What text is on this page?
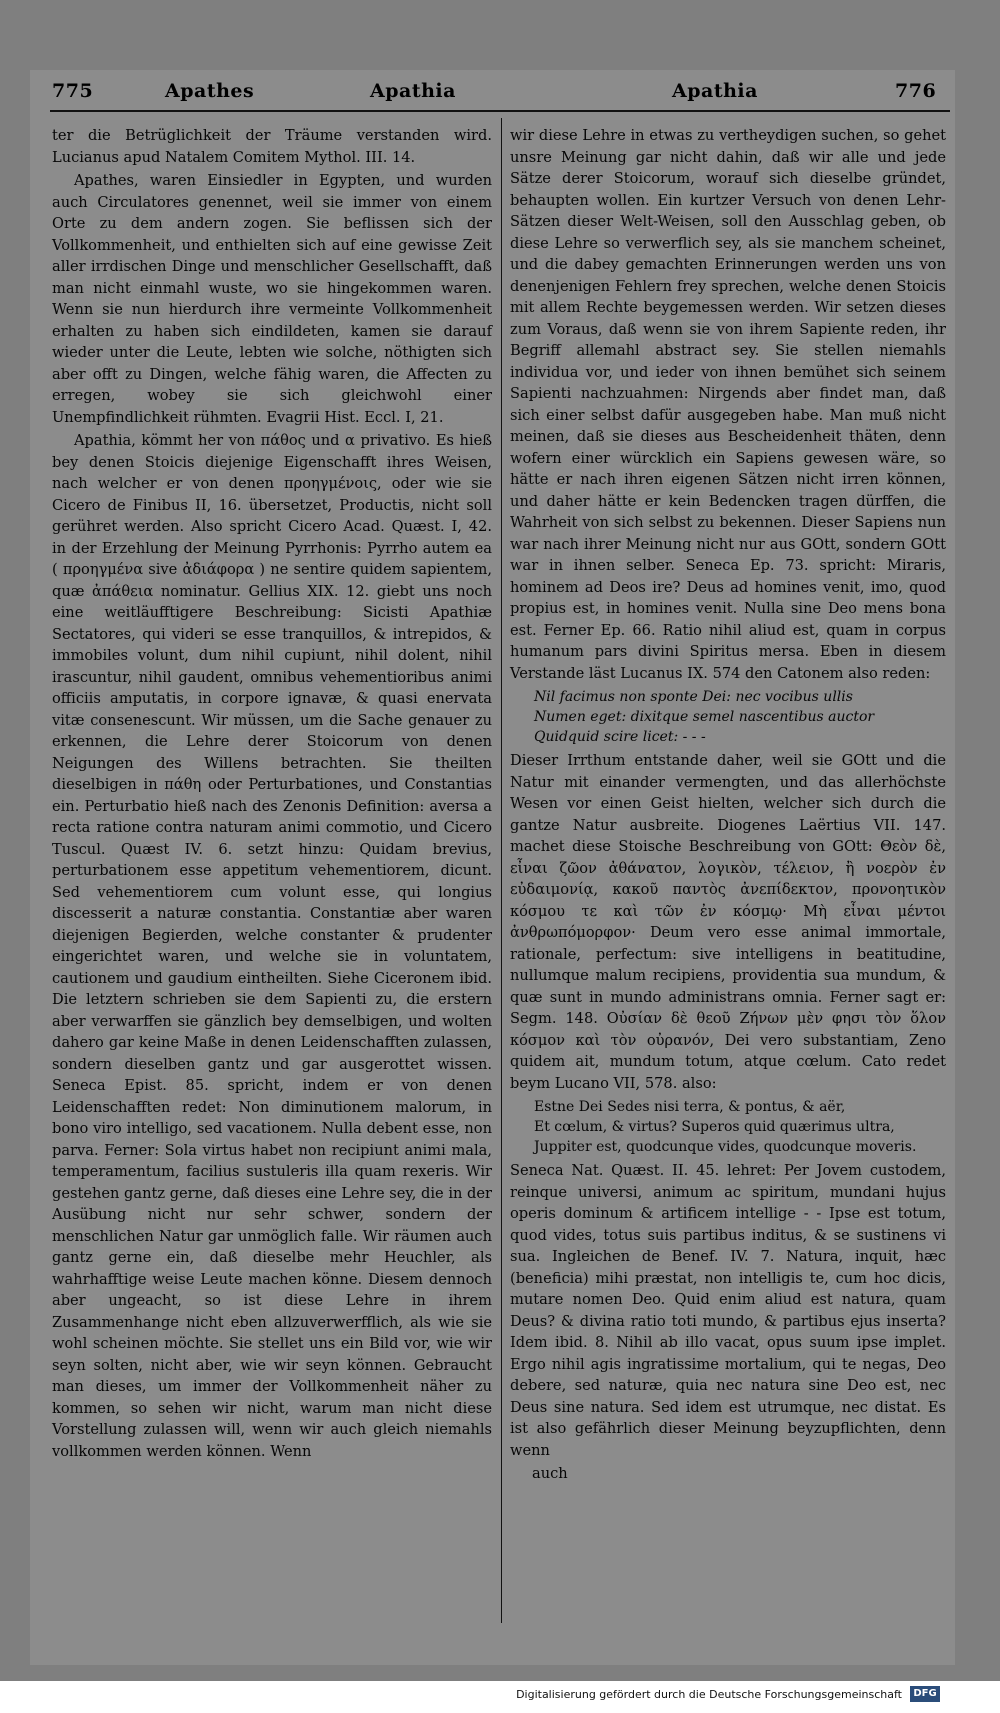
775	Apathes	Apathia	Apathia	776

ter die Betrüglichkeit der Träume verstanden wird. Lucianus apud Natalem Comitem Mythol. III. 14.

Apathes, waren Einsiedler in Egypten, und wurden auch Circulatores genennet, weil sie immer von einem Orte zu dem andern zogen. Sie beflissen sich der Vollkommenheit, und enthielten sich auf eine gewisse Zeit aller irrdischen Dinge und menschlicher Gesellschafft, daß man nicht einmahl wuste, wo sie hingekommen waren. Wenn sie nun hierdurch ihre vermeinte Vollkommenheit erhalten zu haben sich eindildeten, kamen sie darauf wieder unter die Leute, lebten wie solche, nöthigten sich aber offt zu Dingen, welche fähig waren, die Affecten zu erregen, wobey sie sich gleichwohl einer Unempfindlichkeit rühmten. Evagrii Hist. Eccl. I, 21.

Apathia, kömmt her von πάθος und α privativo. Es hieß bey denen Stoicis diejenige Eigenschafft ihres Weisen, nach welcher er von denen προηγμένοις, oder wie sie Cicero de Finibus II, 16. übersetzet, Productis, nicht soll gerühret werden. Also spricht Cicero Acad. Quæst. I, 42. in der Erzehlung der Meinung Pyrrhonis: Pyrrho autem ea ( προηγμένα sive ἀδιάφορα ) ne sentire quidem sapientem, quæ ἀπάθεια nominatur. Gellius XIX. 12. giebt uns noch eine weitläufftigere Beschreibung: Sicisti Apathiæ Sectatores, qui videri se esse tranquillos, & intrepidos, & immobiles volunt, dum nihil cupiunt, nihil dolent, nihil irascuntur, nihil gaudent, omnibus vehementioribus animi officiis amputatis, in corpore ignavæ, & quasi enervata vitæ consenescunt. Wir müssen, um die Sache genauer zu erkennen, die Lehre derer Stoicorum von denen Neigungen des Willens betrachten. Sie theilten dieselbigen in πάθη oder Perturbationes, und Constantias ein. Perturbatio hieß nach des Zenonis Definition: aversa a recta ratione contra naturam animi commotio, und Cicero Tuscul. Quæst IV. 6. setzt hinzu: Quidam brevius, perturbationem esse appetitum vehementiorem, dicunt. Sed vehementiorem cum volunt esse, qui longius discesserit a naturæ constantia. Constantiæ aber waren diejenigen Begierden, welche constanter & prudenter eingerichtet waren, und welche sie in voluntatem, cautionem und gaudium eintheilten. Siehe Ciceronem ibid. Die letztern schrieben sie dem Sapienti zu, die erstern aber verwarffen sie gänzlich bey demselbigen, und wolten dahero gar keine Maße in denen Leidenschafften zulassen, sondern dieselben gantz und gar ausgerottet wissen. Seneca Epist. 85. spricht, indem er von denen Leidenschafften redet: Non diminutionem malorum, in bono viro intelligo, sed vacationem. Nulla debent esse, non parva. Ferner: Sola virtus habet non recipiunt animi mala, temperamentum, facilius sustuleris illa quam rexeris. Wir gestehen gantz gerne, daß dieses eine Lehre sey, die in der Ausübung nicht nur sehr schwer, sondern der menschlichen Natur gar unmöglich falle. Wir räumen auch gantz gerne ein, daß dieselbe mehr Heuchler, als wahrhafftige weise Leute machen könne. Diesem dennoch aber ungeacht, so ist diese Lehre in ihrem Zusammenhange nicht eben allzuverwerfflich, als wie sie wohl scheinen möchte. Sie stellet uns ein Bild vor, wie wir seyn solten, nicht aber, wie wir seyn können. Gebraucht man dieses, um immer der Vollkommenheit näher zu kommen, so sehen wir nicht, warum man nicht diese Vorstellung zulassen will, wenn wir auch gleich niemahls vollkommen werden können. Wenn

wir diese Lehre in etwas zu vertheydigen suchen, so gehet unsre Meinung gar nicht dahin, daß wir alle und jede Sätze derer Stoicorum, worauf sich dieselbe gründet, behaupten wollen. Ein kurtzer Versuch von denen Lehr-Sätzen dieser Welt-Weisen, soll den Ausschlag geben, ob diese Lehre so verwerflich sey, als sie manchem scheinet, und die dabey gemachten Erinnerungen werden uns von denenjenigen Fehlern frey sprechen, welche denen Stoicis mit allem Rechte beygemessen werden. Wir setzen dieses zum Voraus, daß wenn sie von ihrem Sapiente reden, ihr Begriff allemahl abstract sey. Sie stellen niemahls individua vor, und ieder von ihnen bemühet sich seinem Sapienti nachzuahmen: Nirgends aber findet man, daß sich einer selbst dafür ausgegeben habe. Man muß nicht meinen, daß sie dieses aus Bescheidenheit thäten, denn wofern einer würcklich ein Sapiens gewesen wäre, so hätte er nach ihren eigenen Sätzen nicht irren können, und daher hätte er kein Bedencken tragen dürffen, die Wahrheit von sich selbst zu bekennen. Dieser Sapiens nun war nach ihrer Meinung nicht nur aus GOtt, sondern GOtt war in ihnen selber. Seneca Ep. 73. spricht: Miraris, hominem ad Deos ire? Deus ad homines venit, imo, quod propius est, in homines venit. Nulla sine Deo mens bona est. Ferner Ep. 66. Ratio nihil aliud est, quam in corpus humanum pars divini Spiritus mersa. Eben in diesem Verstande läst Lucanus IX. 574 den Catonem also reden:

Nil facimus non sponte Dei: nec vocibus ullis
Numen eget: dixitque semel nascentibus auctor
Quidquid scire licet: - - -

Dieser Irrthum entstande daher, weil sie GOtt und die Natur mit einander vermengten, und das allerhöchste Wesen vor einen Geist hielten, welcher sich durch die gantze Natur ausbreite. Diogenes Laërtius VII. 147. machet diese Stoische Beschreibung von GOtt: Θεὸν δὲ, εἶναι ζῶον ἀθάνατον, λογικὸν, τέλειον, ἢ νοερὸν ἐν εὐδαιμονίᾳ, κακοῦ παντὸς ἀνεπίδεκτον, προνοητικὸν κόσμου τε καὶ τῶν ἐν κόσμῳ· Μὴ εἶναι μέντοι ἀνθρωπόμορφον· Deum vero esse animal immortale, rationale, perfectum: sive intelligens in beatitudine, nullumque malum recipiens, providentia sua mundum, & quæ sunt in mundo administrans omnia. Ferner sagt er: Segm. 148. Οὐσίαν δὲ θεοῦ Ζήνων μὲν φησι τὸν ὅλον κόσμον καὶ τὸν οὐρανόν, Dei vero substantiam, Zeno quidem ait, mundum totum, atque cœlum. Cato redet beym Lucano VII, 578. also:

Estne Dei Sedes nisi terra, & pontus, & aër,
Et cœlum, & virtus? Superos quid quærimus ultra,
Juppiter est, quodcunque vides, quodcunque moveris.

Seneca Nat. Quæst. II. 45. lehret: Per Jovem custodem, reinque universi, animum ac spiritum, mundani hujus operis dominum & artificem intellige - - Ipse est totum, quod vides, totus suis partibus inditus, & se sustinens vi sua. Ingleichen de Benef. IV. 7. Natura, inquit, hæc (beneficia) mihi præstat, non intelligis te, cum hoc dicis, mutare nomen Deo. Quid enim aliud est natura, quam Deus? & divina ratio toti mundo, & partibus ejus inserta? Idem ibid. 8. Nihil ab illo vacat, opus suum ipse implet. Ergo nihil agis ingratissime mortalium, qui te negas, Deo debere, sed naturæ, quia nec natura sine Deo est, nec Deus sine natura. Sed idem est utrumque, nec distat. Es ist also gefährlich dieser Meinung beyzupflichten, denn wenn

auch

Digitalisierung gefördert durch die Deutsche Forschungsgemeinschaft	DFG
